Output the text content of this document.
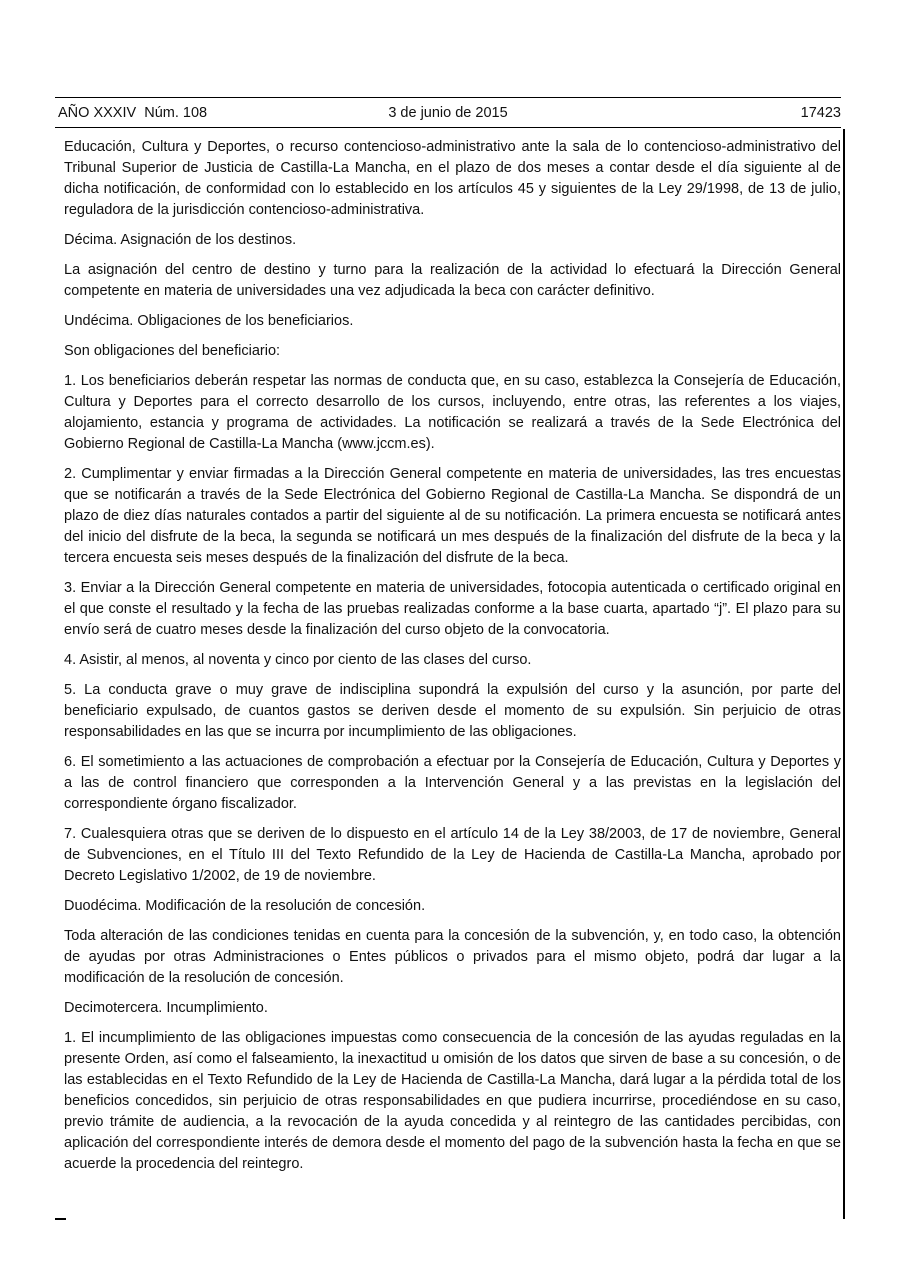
AÑO XXXIV  Núm. 108	3 de junio de 2015	17423

Educación, Cultura y Deportes, o recurso contencioso-administrativo ante la sala de lo contencioso-administrativo del Tribunal Superior de Justicia de Castilla-La Mancha, en el plazo de dos meses a contar desde el día siguiente al de dicha notificación, de conformidad con lo establecido en los artículos 45 y siguientes de la Ley 29/1998, de 13 de julio, reguladora de la jurisdicción contencioso-administrativa.

Décima. Asignación de los destinos.

La asignación del centro de destino y turno para la realización de la actividad lo efectuará la Dirección General competente en materia de universidades una vez adjudicada la beca con carácter definitivo.

Undécima. Obligaciones de los beneficiarios.

Son obligaciones del beneficiario:

1. Los beneficiarios deberán respetar las normas de conducta que, en su caso, establezca la Consejería de Educación, Cultura y Deportes para el correcto desarrollo de los cursos, incluyendo, entre otras, las referentes a los viajes, alojamiento, estancia y programa de actividades. La notificación se realizará a través de la Sede Electrónica del Gobierno Regional de Castilla-La Mancha (www.jccm.es).

2. Cumplimentar y enviar firmadas a la Dirección General competente en materia de universidades, las tres encuestas que se notificarán a través de la Sede Electrónica del Gobierno Regional de Castilla-La Mancha. Se dispondrá de un plazo de diez días naturales contados a partir del siguiente al de su notificación. La primera encuesta se notificará antes del inicio del disfrute de la beca, la segunda se notificará un mes después de la finalización del disfrute de la beca y la tercera encuesta seis meses después de la finalización del disfrute de la beca.

3. Enviar a la Dirección General competente en materia de universidades, fotocopia autenticada o certificado original en el que conste el resultado y la fecha de las pruebas realizadas conforme a la base cuarta, apartado “j”. El plazo para su envío será de cuatro meses desde la finalización del curso objeto de la convocatoria.

4. Asistir, al menos, al noventa y cinco por ciento de las clases del curso.

5. La conducta grave o muy grave de indisciplina supondrá la expulsión del curso y la asunción, por parte del beneficiario expulsado, de cuantos gastos se deriven desde el momento de su expulsión. Sin perjuicio de otras responsabilidades en las que se incurra por incumplimiento de las obligaciones.

6. El sometimiento a las actuaciones de comprobación a efectuar por la Consejería de Educación, Cultura y Deportes y a las de control financiero que corresponden a la Intervención General y a las previstas en la legislación del correspondiente órgano fiscalizador.

7. Cualesquiera otras que se deriven de lo dispuesto en el artículo 14 de la Ley 38/2003, de 17 de noviembre, General de Subvenciones, en el Título III del Texto Refundido de la Ley de Hacienda de Castilla-La Mancha, aprobado por Decreto Legislativo 1/2002, de 19 de noviembre.

Duodécima. Modificación de la resolución de concesión.

Toda alteración de las condiciones tenidas en cuenta para la concesión de la subvención, y, en todo caso, la obtención de ayudas por otras Administraciones o Entes públicos o privados para el mismo objeto, podrá dar lugar a la modificación de la resolución de concesión.

Decimotercera. Incumplimiento.

1. El incumplimiento de las obligaciones impuestas como consecuencia de la concesión de las ayudas reguladas en la presente Orden, así como el falseamiento, la inexactitud u omisión de los datos que sirven de base a su concesión, o de las establecidas en el Texto Refundido de la Ley de Hacienda de Castilla-La Mancha, dará lugar a la pérdida total de los beneficios concedidos, sin perjuicio de otras responsabilidades en que pudiera incurrirse, procediéndose en su caso, previo trámite de audiencia, a la revocación de la ayuda concedida y al reintegro de las cantidades percibidas, con aplicación del correspondiente interés de demora desde el momento del pago de la subvención hasta la fecha en que se acuerde la procedencia del reintegro.
